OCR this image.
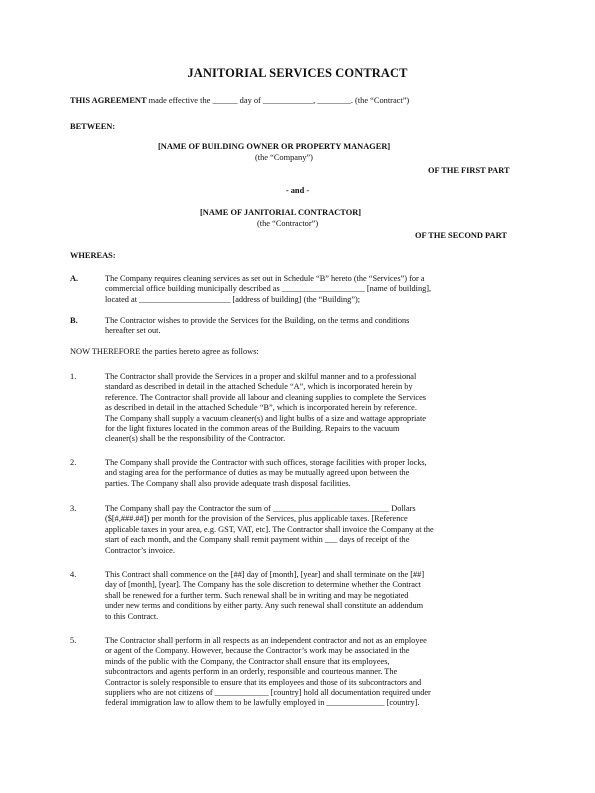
JANITORIAL SERVICES CONTRACT
THIS AGREEMENT made effective the ______ day of ____________, ________. (the “Contract”)
BETWEEN:
[NAME OF BUILDING OWNER OR PROPERTY MANAGER]
(the “Company”)
OF THE FIRST PART
- and -
[NAME OF JANITORIAL CONTRACTOR]
(the “Contractor”)
OF THE SECOND PART
WHEREAS:
A.	The Company requires cleaning services as set out in Schedule “B” hereto (the “Services”) for a
commercial office building municipally described as ____________________ [name of building],
located at ______________________ [address of building] (the “Building”);
B.	The Contractor wishes to provide the Services for the Building, on the terms and conditions
hereafter set out.
NOW THEREFORE the parties hereto agree as follows:
1.	The Contractor shall provide the Services in a proper and skilful manner and to a professional
standard as described in detail in the attached Schedule “A”, which is incorporated herein by
reference. The Contractor shall provide all labour and cleaning supplies to complete the Services
as described in detail in the attached Schedule “B”, which is incorporated herein by reference.
The Company shall supply a vacuum cleaner(s) and light bulbs of a size and wattage appropriate
for the light fixtures located in the common areas of the Building. Repairs to the vacuum
cleaner(s) shall be the responsibility of the Contractor.
2.	The Company shall provide the Contractor with such offices, storage facilities with proper locks,
and staging area for the performance of duties as may be mutually agreed upon between the
parties. The Company shall also provide adequate trash disposal facilities.
3.	The Company shall pay the Contractor the sum of ____________________________ Dollars
($[#,###.##]) per month for the provision of the Services, plus applicable taxes. [Reference
applicable taxes in your area, e.g. GST, VAT, etc]. The Contractor shall invoice the Company at the
start of each month, and the Company shall remit payment within ___ days of receipt of the
Contractor’s invoice.
4.	This Contract shall commence on the [##] day of [month], [year] and shall terminate on the [##]
day of [month], [year]. The Company has the sole discretion to determine whether the Contract
shall be renewed for a further term. Such renewal shall be in writing and may be negotiated
under new terms and conditions by either party. Any such renewal shall constitute an addendum
to this Contract.
5.	The Contractor shall perform in all respects as an independent contractor and not as an employee
or agent of the Company. However, because the Contractor’s work may be associated in the
minds of the public with the Company, the Contractor shall ensure that its employees,
subcontractors and agents perform in an orderly, responsible and courteous manner. The
Contractor is solely responsible to ensure that its employees and those of its subcontractors and
suppliers who are not citizens of _____________ [country] hold all documentation required under
federal immigration law to allow them to be lawfully employed in ______________ [country].
